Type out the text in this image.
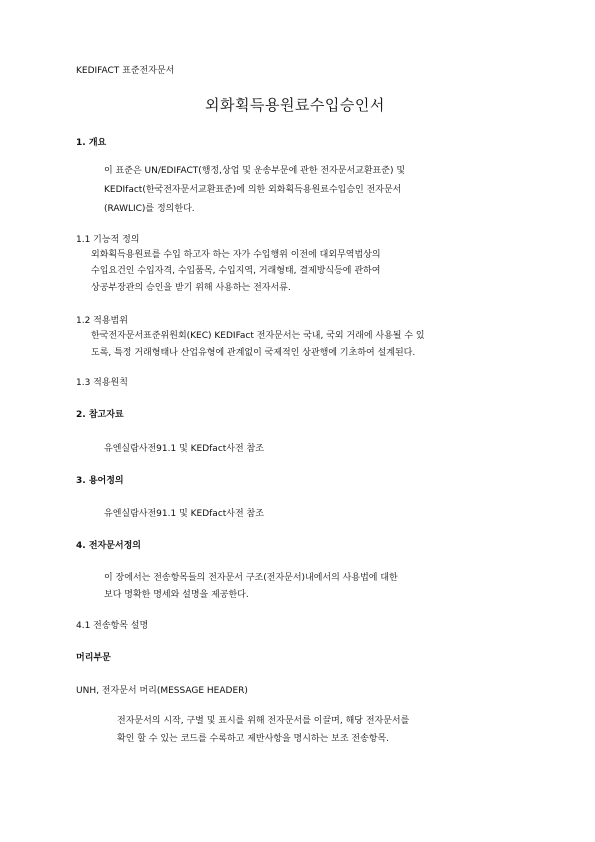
KEDIFACT 표준전자문서
외화획득용원료수입승인서
1. 개요
이 표준은 UN/EDIFACT(행정,상업 및 운송부문에 관한 전자문서교환표준) 및
KEDIfact(한국전자문서교환표준)에 의한 외화획득용원료수입승인 전자문서
(RAWLIC)를 정의한다.
1.1 기능적 정의
외화획득용원료를 수입 하고자 하는 자가 수입행위 이전에 대외무역법상의
수입요건인 수입자격, 수입품목, 수입지역, 거래형태, 결제방식등에 관하여
상공부장관의 승인을 받기 위해 사용하는 전자서류.
1.2 적용범위
한국전자문서표준위원회(KEC) KEDIFact 전자문서는 국내, 국외 거래에 사용될 수 있
도록, 특정 거래형태나 산업유형에 관계없이 국제적인 상관행에 기초하여 설계된다.
1.3 적용원칙
2. 참고자료
유엔실람사전91.1 및 KEDfact사전 참조
3. 용어정의
유엔실람사전91.1 및 KEDfact사전 참조
4. 전자문서정의
이 장에서는 전송항목들의 전자문서 구조(전자문서)내에서의 사용법에 대한
보다 명확한 명세와 설명을 제공한다.
4.1 전송항목 설명
머리부문
UNH, 전자문서 머리(MESSAGE HEADER)
전자문서의 시작, 구별 및 표시를 위해 전자문서를 이끌며, 해당 전자문서를
확인 할 수 있는 코드를 수록하고 제반사항을 명시하는 보조 전송항목.
